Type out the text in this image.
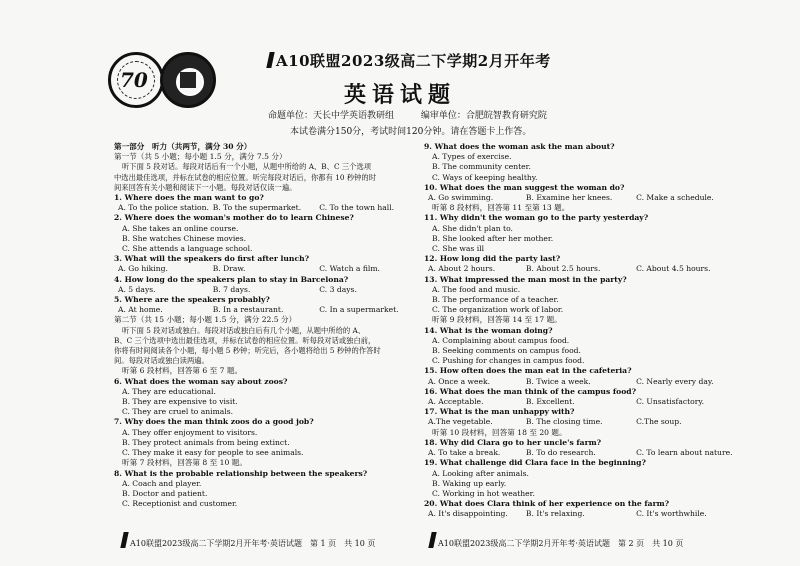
70
A10联盟2023级高二下学期2月开年考
英语试题
命题单位：天长中学英语教研组	编审单位：合肥皖智教育研究院
本试卷满分150分，考试时间120分钟。请在答题卡上作答。

第一部分　听力（共两节，满分 30 分）

第一节（共 5 小题；每小题 1.5 分，满分 7.5 分）

听下面 5 段对话。每段对话后有一个小题，从题中所给的 A、B、C 三个选项

中选出最佳选项，并标在试卷的相应位置。听完每段对话后，你都有 10 秒钟的时

间来回答有关小题和阅读下一小题。每段对话仅读一遍。

1. Where does the man want to go?

A. To the police station. B. To the supermarket.	C. To the town hall.

2. Where does the woman's mother do to learn Chinese?

A. She takes an online course.

B. She watches Chinese movies.

C. She attends a language school.

3. What will the speakers do first after lunch?

A. Go hiking.	B. Draw.	C. Watch a film.

4. How long do the speakers plan to stay in Barcelona?

A. 5 days.	B. 7 days.	C. 3 days.

5. Where are the speakers probably?

A. At home.	B. In a restaurant.	C. In a supermarket.

第二节（共 15 小题；每小题 1.5 分，满分 22.5 分）

听下面 5 段对话或独白。每段对话或独白后有几个小题，从题中所给的 A、

B、C 三个选项中选出最佳选项，并标在试卷的相应位置。听每段对话或独白前，

你将有时间阅读各个小题，每小题 5 秒钟；听完后，各小题将给出 5 秒钟的作答时

间。每段对话或独白读两遍。

听第 6 段材料，回答第 6 至 7 题。

6. What does the woman say about zoos?

A. They are educational.

B. They are expensive to visit.

C. They are cruel to animals.

7. Why does the man think zoos do a good job?

A. They offer enjoyment to visitors.

B. They protect animals from being extinct.

C. They make it easy for people to see animals.

听第 7 段材料，回答第 8 至 10 题。

8. What is the probable relationship between the speakers?

A. Coach and player.

B. Doctor and patient.

C. Receptionist and customer.

9. What does the woman ask the man about?

A. Types of exercise.

B. The community center.

C. Ways of keeping healthy.

10. What does the man suggest the woman do?

A. Go swimming.	B. Examine her knees.	C. Make a schedule.

听第 8 段材料，回答第 11 至第 13 题。

11. Why didn't the woman go to the party yesterday?

A. She didn't plan to.

B. She looked after her mother.

C. She was ill

12. How long did the party last?

A. About 2 hours.	B. About 2.5 hours.	C. About 4.5 hours.

13. What impressed the man most in the party?

A. The food and music.

B. The performance of a teacher.

C. The organization work of labor.

听第 9 段材料，回答第 14 至 17 题。

14. What is the woman doing?

A. Complaining about campus food.

B. Seeking comments on campus food.

C. Pushing for changes in campus food.

15. How often does the man eat in the cafeteria?

A. Once a week.	B. Twice a week.	C. Nearly every day.

16. What does the man think of the campus food?

A. Acceptable.	B. Excellent.	C. Unsatisfactory.

17. What is the man unhappy with?

A.The vegetable.	B. The closing time.	C.The soup.

听第 10 段材料，回答第 18 至 20 题。

18. Why did Clara go to her uncle's farm?

A. To take a break.	B. To do research.	C. To learn about nature.

19. What challenge did Clara face in the beginning?

A. Looking after animals.

B. Waking up early.

C. Working in hot weather.

20. What does Clara think of her experience on the farm?

A. It's disappointing.	B. It's relaxing.	C. It's worthwhile.

A10联盟2023级高二下学期2月开年考·英语试题　第 1 页　共 10 页	A10联盟2023级高二下学期2月开年考·英语试题　第 2 页　共 10 页
